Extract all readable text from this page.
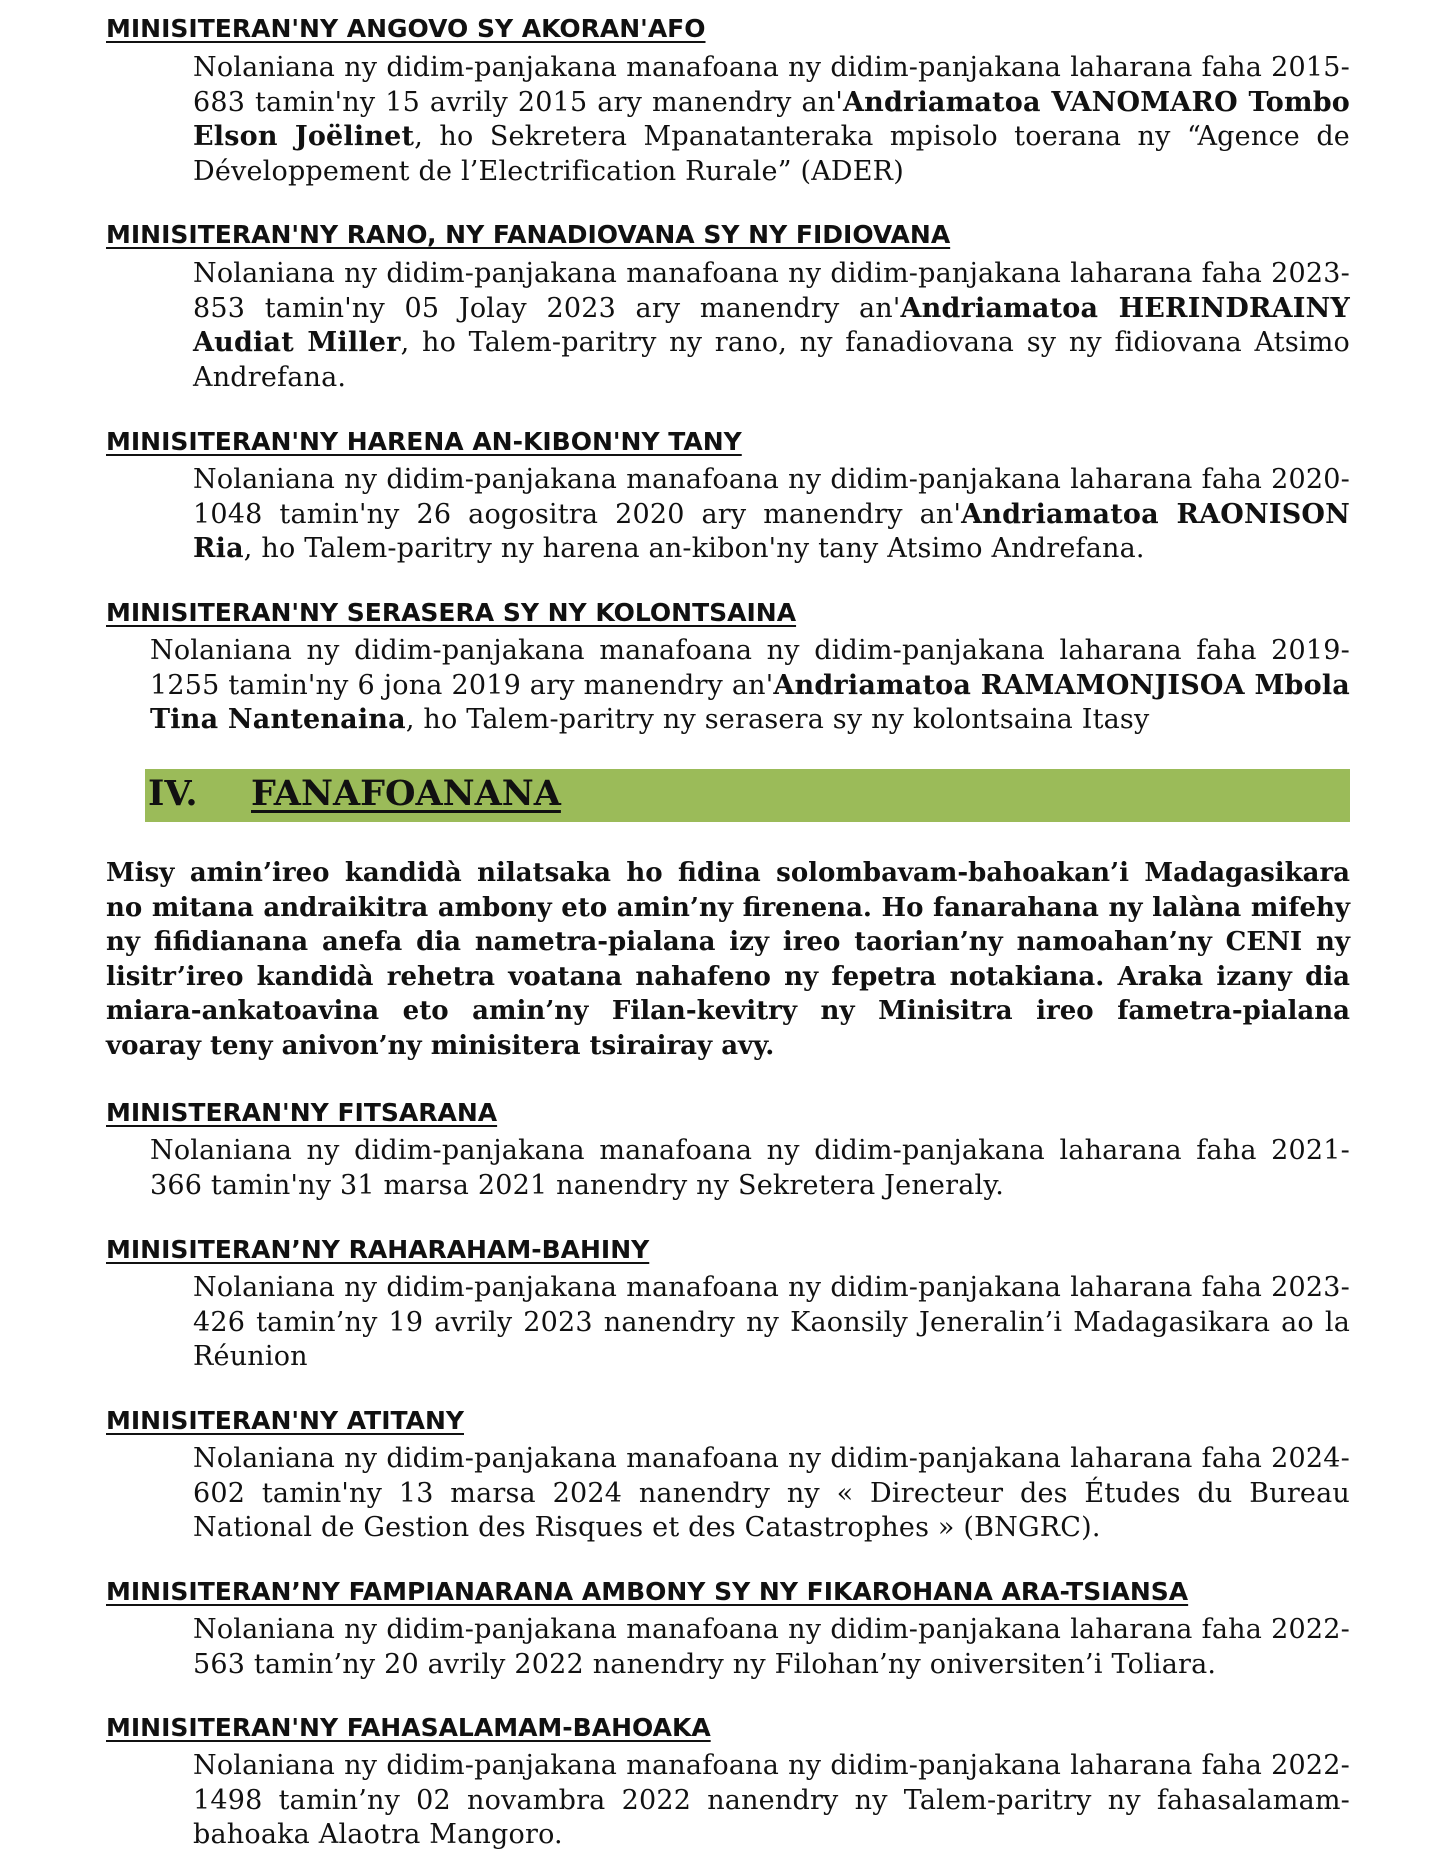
MINISITERAN'NY ANGOVO SY AKORAN'AFO

Nolaniana ny didim-panjakana manafoana ny didim-panjakana laharana faha 2015-683 tamin'ny 15 avrily 2015 ary manendry an'Andriamatoa VANOMARO Tombo Elson Joëlinet, ho Sekretera Mpanatanteraka mpisolo toerana ny “Agence de Développement de l’Electrification Rurale” (ADER)

MINISITERAN'NY RANO, NY FANADIOVANA SY NY FIDIOVANA

Nolaniana ny didim-panjakana manafoana ny didim-panjakana laharana faha 2023-853 tamin'ny 05 Jolay 2023 ary manendry an'Andriamatoa HERINDRAINY Audiat Miller, ho Talem-paritry ny rano, ny fanadiovana sy ny fidiovana Atsimo Andrefana.

MINISITERAN'NY HARENA AN-KIBON'NY TANY

Nolaniana ny didim-panjakana manafoana ny didim-panjakana laharana faha 2020-1048 tamin'ny 26 aogositra 2020 ary manendry an'Andriamatoa RAONISON Ria, ho Talem-paritry ny harena an-kibon'ny tany Atsimo Andrefana.

MINISITERAN'NY SERASERA SY NY KOLONTSAINA

Nolaniana ny didim-panjakana manafoana ny didim-panjakana laharana faha 2019-1255 tamin'ny 6 jona 2019 ary manendry an'Andriamatoa RAMAMONJISOA Mbola Tina Nantenaina, ho Talem-paritry ny serasera sy ny kolontsaina Itasy

IV. FANAFOANANA

Misy amin’ireo kandidà nilatsaka ho fidina solombavam-bahoakan’i Madagasikara no mitana andraikitra ambony eto amin’ny firenena. Ho fanarahana ny lalàna mifehy ny fifidianana anefa dia nametra-pialana izy ireo taorian’ny namoahan’ny CENI ny lisitr’ireo kandidà rehetra voatana nahafeno ny fepetra notakiana. Araka izany dia miara-ankatoavina eto amin’ny Filan-kevitry ny Minisitra ireo fametra-pialana voaray teny anivon’ny minisitera tsirairay avy.

MINISTERAN'NY FITSARANA

Nolaniana ny didim-panjakana manafoana ny didim-panjakana laharana faha 2021-366 tamin'ny 31 marsa 2021 nanendry ny Sekretera Jeneraly.

MINISITERAN’NY RAHARAHAM-BAHINY

Nolaniana ny didim-panjakana manafoana ny didim-panjakana laharana faha 2023-426 tamin’ny 19 avrily 2023 nanendry ny Kaonsily Jeneralin’i Madagasikara ao la Réunion

MINISITERAN'NY ATITANY

Nolaniana ny didim-panjakana manafoana ny didim-panjakana laharana faha 2024-602 tamin'ny 13 marsa 2024 nanendry ny « Directeur des Études du Bureau National de Gestion des Risques et des Catastrophes » (BNGRC).

MINISITERAN’NY FAMPIANARANA AMBONY SY NY FIKAROHANA ARA-TSIANSA

Nolaniana ny didim-panjakana manafoana ny didim-panjakana laharana faha 2022-563 tamin’ny 20 avrily 2022 nanendry ny Filohan’ny oniversiten’i Toliara.

MINISITERAN'NY FAHASALAMAM-BAHOAKA

Nolaniana ny didim-panjakana manafoana ny didim-panjakana laharana faha 2022-1498 tamin’ny 02 novambra 2022 nanendry ny Talem-paritry ny fahasalamam-bahoaka Alaotra Mangoro.
